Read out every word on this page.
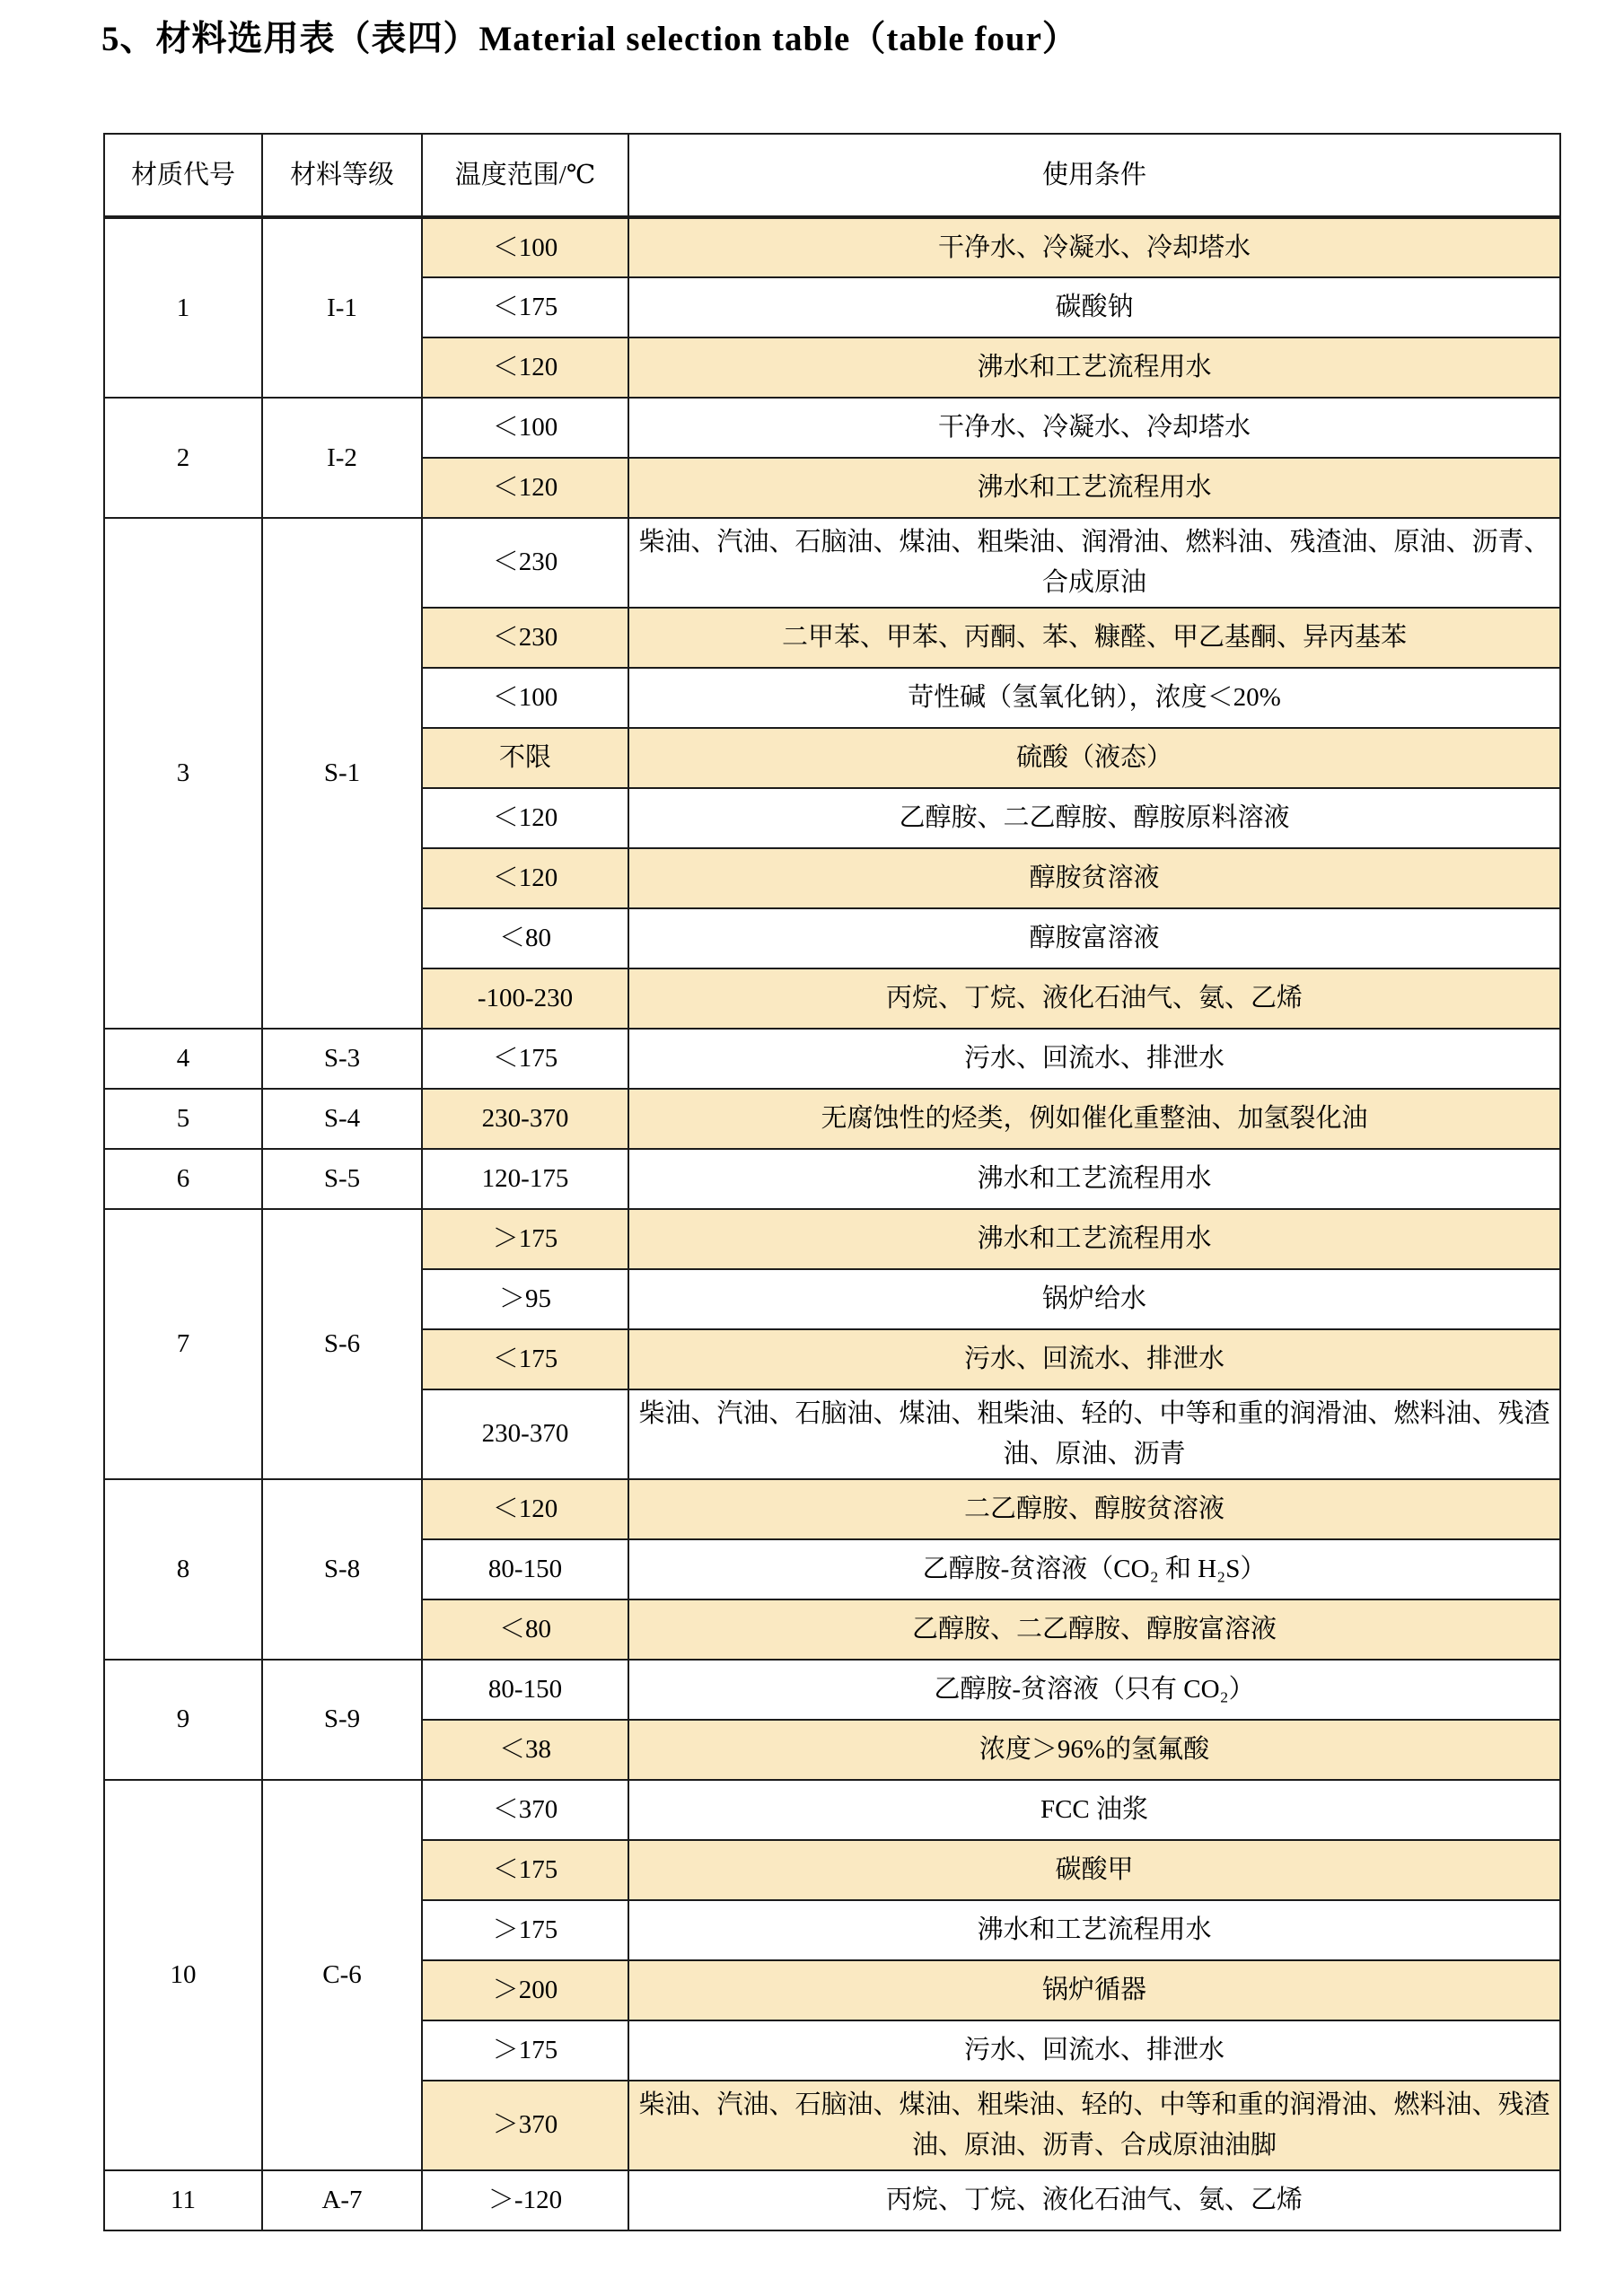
5、材料选用表（表四）Material selection table（table four）
材质代号	材料等级	温度范围/℃	使用条件
1	I-1	＜100	干净水、冷凝水、冷却塔水
		＜175	碳酸钠
		＜120	沸水和工艺流程用水
2	I-2	＜100	干净水、冷凝水、冷却塔水
		＜120	沸水和工艺流程用水
3	S-1	＜230	柴油、汽油、石脑油、煤油、粗柴油、润滑油、燃料油、残渣油、原油、沥青、合成原油
		＜230	二甲苯、甲苯、丙酮、苯、糠醛、甲乙基酮、异丙基苯
		＜100	苛性碱（氢氧化钠），浓度＜20%
		不限	硫酸（液态）
		＜120	乙醇胺、二乙醇胺、醇胺原料溶液
		＜120	醇胺贫溶液
		＜80	醇胺富溶液
		-100-230	丙烷、丁烷、液化石油气、氨、乙烯
4	S-3	＜175	污水、回流水、排泄水
5	S-4	230-370	无腐蚀性的烃类，例如催化重整油、加氢裂化油
6	S-5	120-175	沸水和工艺流程用水
7	S-6	＞175	沸水和工艺流程用水
		＞95	锅炉给水
		＜175	污水、回流水、排泄水
		230-370	柴油、汽油、石脑油、煤油、粗柴油、轻的、中等和重的润滑油、燃料油、残渣油、原油、沥青
8	S-8	＜120	二乙醇胺、醇胺贫溶液
		80-150	乙醇胺-贫溶液（CO₂ 和 H₂S）
		＜80	乙醇胺、二乙醇胺、醇胺富溶液
9	S-9	80-150	乙醇胺-贫溶液（只有 CO₂）
		＜38	浓度＞96%的氢氟酸
10	C-6	＜370	FCC 油浆
		＜175	碳酸甲
		＞175	沸水和工艺流程用水
		＞200	锅炉循器
		＞175	污水、回流水、排泄水
		＞370	柴油、汽油、石脑油、煤油、粗柴油、轻的、中等和重的润滑油、燃料油、残渣油、原油、沥青、合成原油油脚
11	A-7	＞-120	丙烷、丁烷、液化石油气、氨、乙烯
